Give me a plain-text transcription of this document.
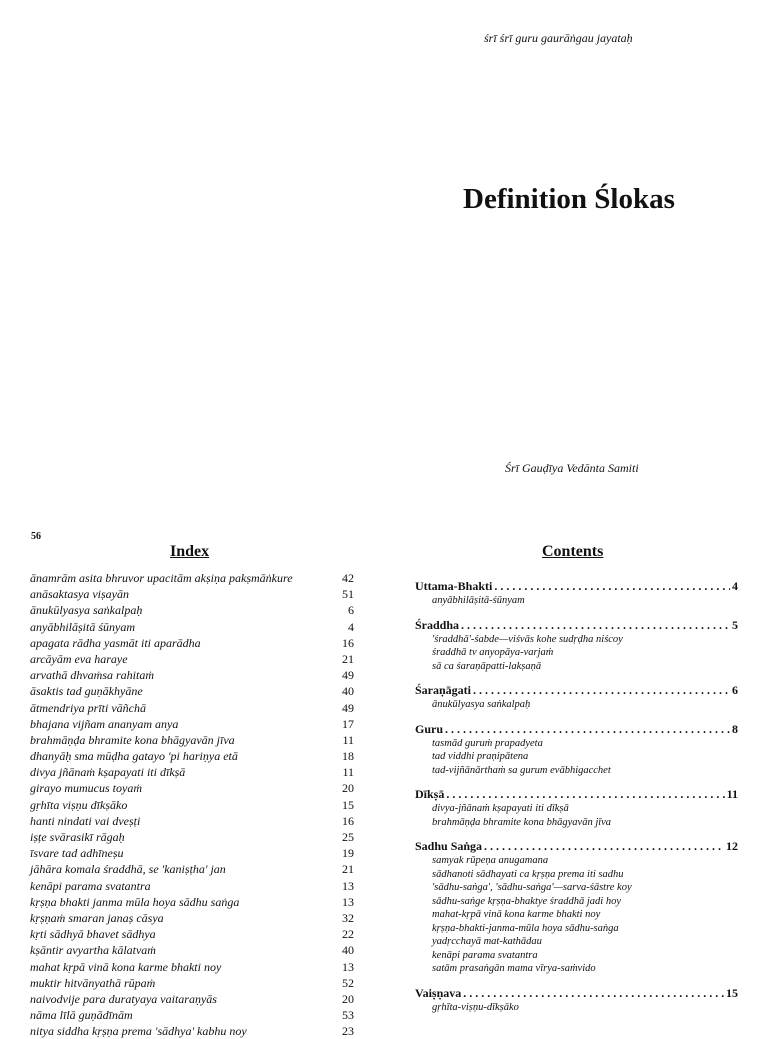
śrī śrī guru gaurāṅgau jayataḥ
Definition Ślokas
Śrī Gauḍīya Vedānta Samiti
56
Index	Contents
ānamrām asita bhruvor upacitām akṣiṇa pakṣmāṅkure	42
anāsaktasya viṣayān	51
ānukūlyasya saṅkalpaḥ	6
anyābhilāṣitā śūnyam	4
apagata rādha yasmāt iti aparādha	16
arcāyām eva haraye	21
arvathā dhvaṁsa rahitaṁ	49
āsaktis tad guṇākhyāne	40
ātmendriya prīti vāñchā	49
bhajana vijñam ananyam anya	17
brahmāṇḍa bhramite kona bhāgyavān jīva	11
dhanyāḥ sma mūḍha gatayo 'pi hariṇya etā	18
divya jñānaṁ kṣapayati iti dīkṣā	11
girayo mumucus toyaṁ	20
gṛhīta viṣṇu dīkṣāko	15
hanti nindati vai dveṣṭi	16
iṣṭe svārasikī rāgaḥ	25
īsvare tad adhīneṣu	19
jāhāra komala śraddhā, se 'kaniṣṭha' jan	21
kenāpi parama svatantra	13
kṛṣṇa bhakti janma mūla hoya sādhu saṅga	13
kṛṣṇaṁ smaran janaṣ cāsya	32
kṛti sādhyā bhavet sādhya	22
kṣāntir avyartha kālatvaṁ	40
mahat kṛpā vinā kona karme bhakti noy	13
muktir hitvānyathā rūpaṁ	52
naivodvije para duratyaya vaitaraṇyās	20
nāma līlā guṇādīnām	53
nitya siddha kṛṣṇa prema 'sādhya' kabhu noy	23
Uttama-Bhakti . . .	4
anyābhilāṣitā-śūnyam
Śraddha . . .	5
'śraddhā'-śabde—viśvās kohe sudṛḍha niścoy
śraddhā tv anyopāya-varjaṁ
sā ca śaraṇāpatti-lakṣaṇā
Śaraṇāgati . . .	6
ānukūlyasya saṅkalpaḥ
Guru . . .	8
tasmād guruṁ prapadyeta
tad viddhi praṇipātena
tad-vijñānārthaṁ sa gurum evābhigacchet
Dīkṣā . . .	11
divya-jñānaṁ kṣapayati iti dīkṣā
brahmāṇḍa bhramite kona bhāgyavān jīva
Sadhu Saṅga . . .	12
samyak rūpeṇa anugamana
sādhanoti sādhayati ca kṛṣṇa prema iti sadhu
'sādhu-saṅga', 'sādhu-saṅga'—sarva-śāstre koy
sādhu-saṅge kṛṣṇa-bhaktye śraddhā jadi hoy
mahat-kṛpā vinā kona karme bhakti noy
kṛṣṇa-bhakti-janma-mūla hoya sādhu-saṅga
yadṛcchayā mat-kathādau
kenāpi parama svatantra
satām prasaṅgān mama vīrya-saṁvido
Vaiṣṇava . . .	15
gṛhīta-viṣṇu-dīkṣāko
